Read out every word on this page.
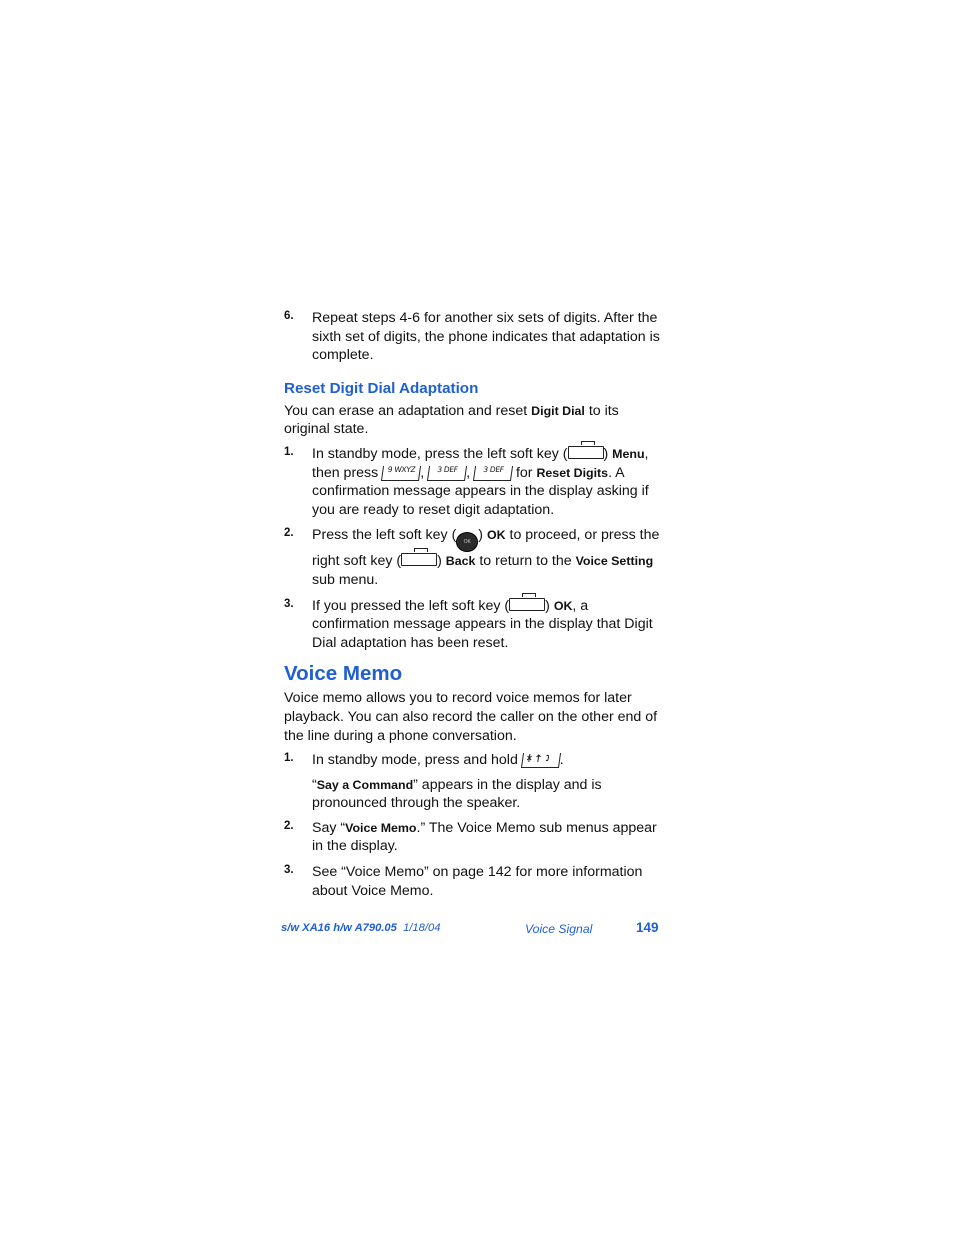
6. Repeat steps 4-6 for another six sets of digits. After the sixth set of digits, the phone indicates that adaptation is complete.

Reset Digit Dial Adaptation

You can erase an adaptation and reset Digit Dial to its original state.

1. In standby mode, press the left soft key (	) Menu, then press 9 WXYZ ,	3 DEF ,	3 DEF for Reset Digits. A confirmation message appears in the display asking if you are ready to reset digit adaptation.

2. Press the left soft key ( OK ) OK to proceed, or press the right soft key (	) Back to return to the Voice Setting sub menu.

3. If you pressed the left soft key (	) OK, a confirmation message appears in the display that Digit Dial adaptation has been reset.

Voice Memo

Voice memo allows you to record voice memos for later playback. You can also record the caller on the other end of the line during a phone conversation.

1. In standby mode, press and hold	.

“Say a Command” appears in the display and is pronounced through the speaker.

2. Say “Voice Memo.” The Voice Memo sub menus appear in the display.

3. See “Voice Memo” on page 142 for more information about Voice Memo.

s/w XA16 h/w A790.05 1/18/04	Voice Signal	149
